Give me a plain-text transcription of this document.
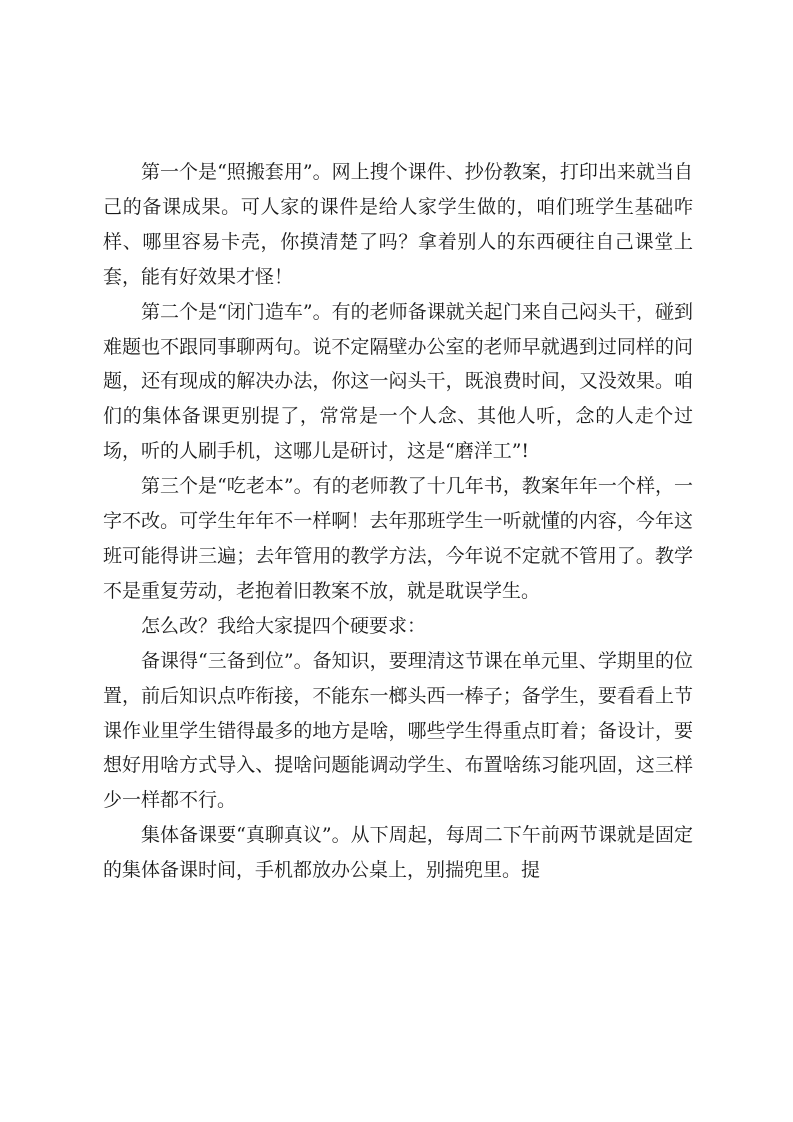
第一个是“照搬套用”。网上搜个课件、抄份教案，打印出来就当自己的备课成果。可人家的课件是给人家学生做的，咱们班学生基础咋样、哪里容易卡壳，你摸清楚了吗？拿着别人的东西硬往自己课堂上套，能有好效果才怪！

第二个是“闭门造车”。有的老师备课就关起门来自己闷头干，碰到难题也不跟同事聊两句。说不定隔壁办公室的老师早就遇到过同样的问题，还有现成的解决办法，你这一闷头干，既浪费时间，又没效果。咱们的集体备课更别提了，常常是一个人念、其他人听，念的人走个过场，听的人刷手机，这哪儿是研讨，这是“磨洋工”!

第三个是“吃老本”。有的老师教了十几年书，教案年年一个样，一字不改。可学生年年不一样啊！去年那班学生一听就懂的内容，今年这班可能得讲三遍；去年管用的教学方法，今年说不定就不管用了。教学不是重复劳动，老抱着旧教案不放，就是耽误学生。

怎么改？我给大家提四个硬要求：

备课得“三备到位”。备知识，要理清这节课在单元里、学期里的位置，前后知识点咋衔接，不能东一榔头西一棒子；备学生，要看看上节课作业里学生错得最多的地方是啥，哪些学生得重点盯着；备设计，要想好用啥方式导入、提啥问题能调动学生、布置啥练习能巩固，这三样少一样都不行。

集体备课要“真聊真议”。从下周起，每周二下午前两节课就是固定的集体备课时间，手机都放办公桌上，别揣兜里。提
